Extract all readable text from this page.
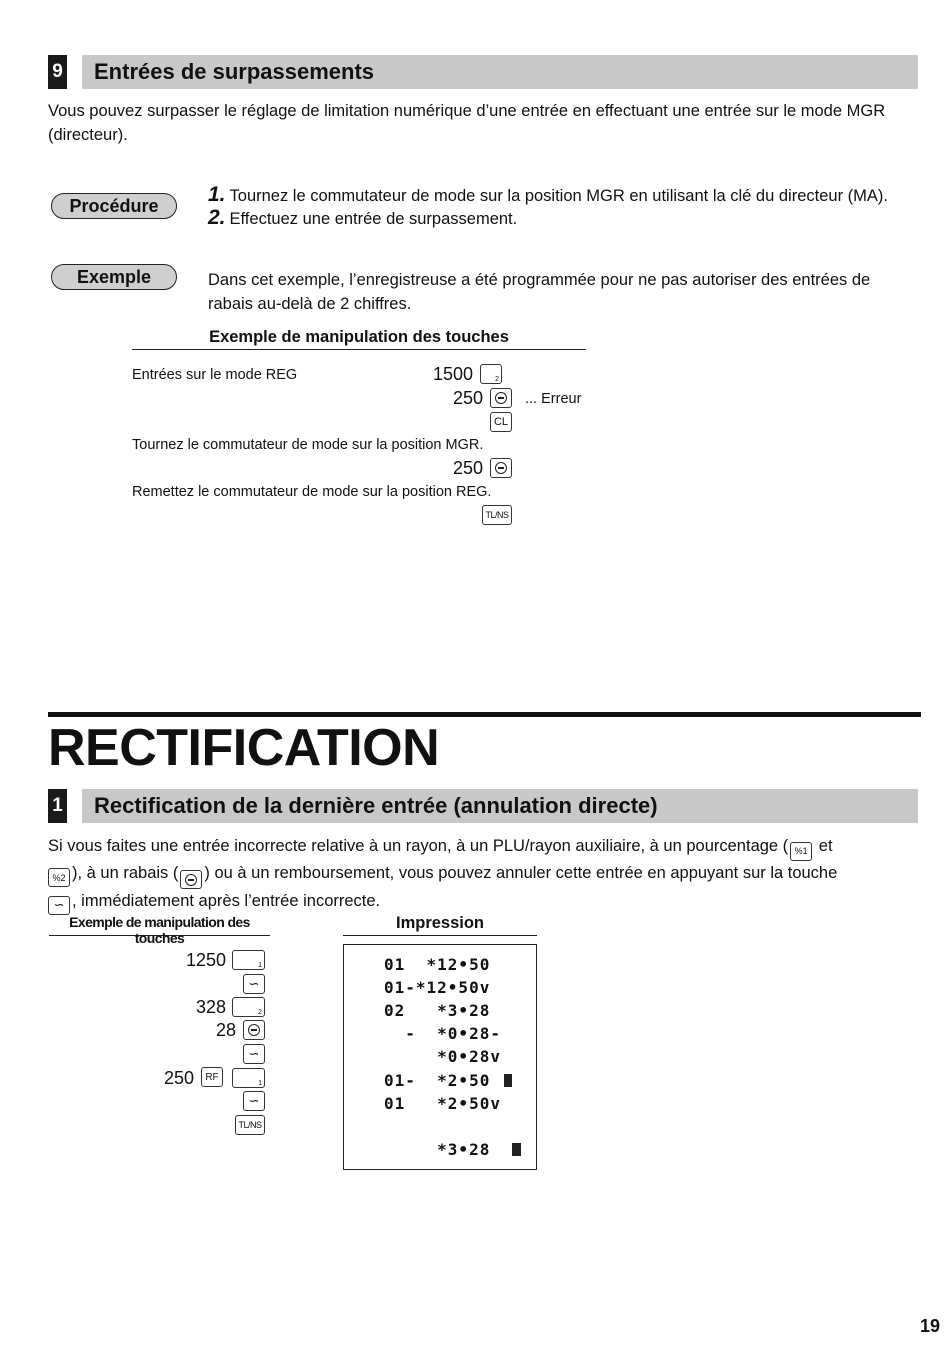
9	Entrées de surpassements
Vous pouvez surpasser le réglage de limitation numérique d’une entrée en effectuant une entrée sur le mode MGR (directeur).
Procédure	1. Tournez le commutateur de mode sur la position MGR en utilisant la clé du directeur (MA).
2. Effectuez une entrée de surpassement.
Exemple	Dans cet exemple, l’enregistreuse a été programmée pour ne pas autoriser des entrées de rabais au-delà de 2 chiffres.
Exemple de manipulation des touches
Entrées sur le mode REG	1500	2
250	... Erreur
CL
Tournez le commutateur de mode sur la position MGR.
250
Remettez le commutateur de mode sur la position REG.
TL/NS
RECTIFICATION
1	Rectification de la dernière entrée (annulation directe)
Si vous faites une entrée incorrecte relative à un rayon, à un PLU/rayon auxiliaire, à un pourcentage ( %1 et

%2 ), à un rabais ( ) ou à un remboursement, vous pouvez annuler cette entrée en appuyant sur la touche

∽ , immédiatement après l’entrée incorrecte.
Exemple de manipulation des touches
Impression
1250	1
∽
328	2
28
∽
250 RF
1
∽
TL/NS
01  *12•50
01-*12•50v
02   *3•28
-  *0•28-
*0•28v
01-  *2•50
01   *2•50v
*3•28
19
